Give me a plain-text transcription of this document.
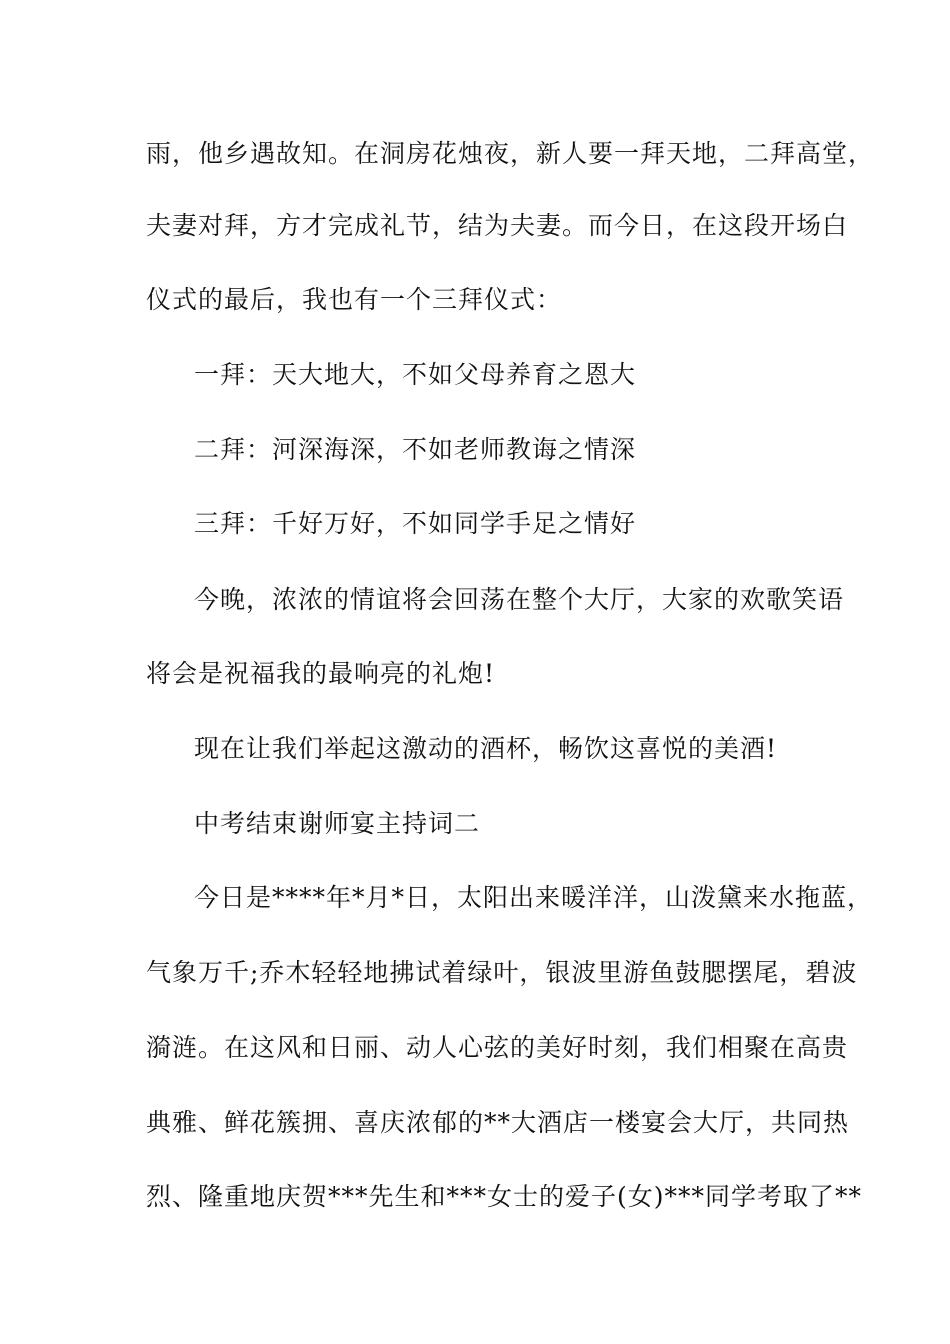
雨，他乡遇故知。在洞房花烛夜，新人要一拜天地，二拜高堂，
夫妻对拜，方才完成礼节，结为夫妻。而今日，在这段开场白
仪式的最后，我也有一个三拜仪式：
一拜：天大地大，不如父母养育之恩大
二拜：河深海深，不如老师教诲之情深
三拜：千好万好，不如同学手足之情好
今晚，浓浓的情谊将会回荡在整个大厅，大家的欢歌笑语
将会是祝福我的最响亮的礼炮!
现在让我们举起这激动的酒杯，畅饮这喜悦的美酒!
中考结束谢师宴主持词二
今日是****年*月*日，太阳出来暖洋洋，山泼黛来水拖蓝，
气象万千;乔木轻轻地拂试着绿叶，银波里游鱼鼓腮摆尾，碧波
漪涟。在这风和日丽、动人心弦的美好时刻，我们相聚在高贵
典雅、鲜花簇拥、喜庆浓郁的**大酒店一楼宴会大厅，共同热
烈、隆重地庆贺***先生和***女士的爱子(女)***同学考取了**
